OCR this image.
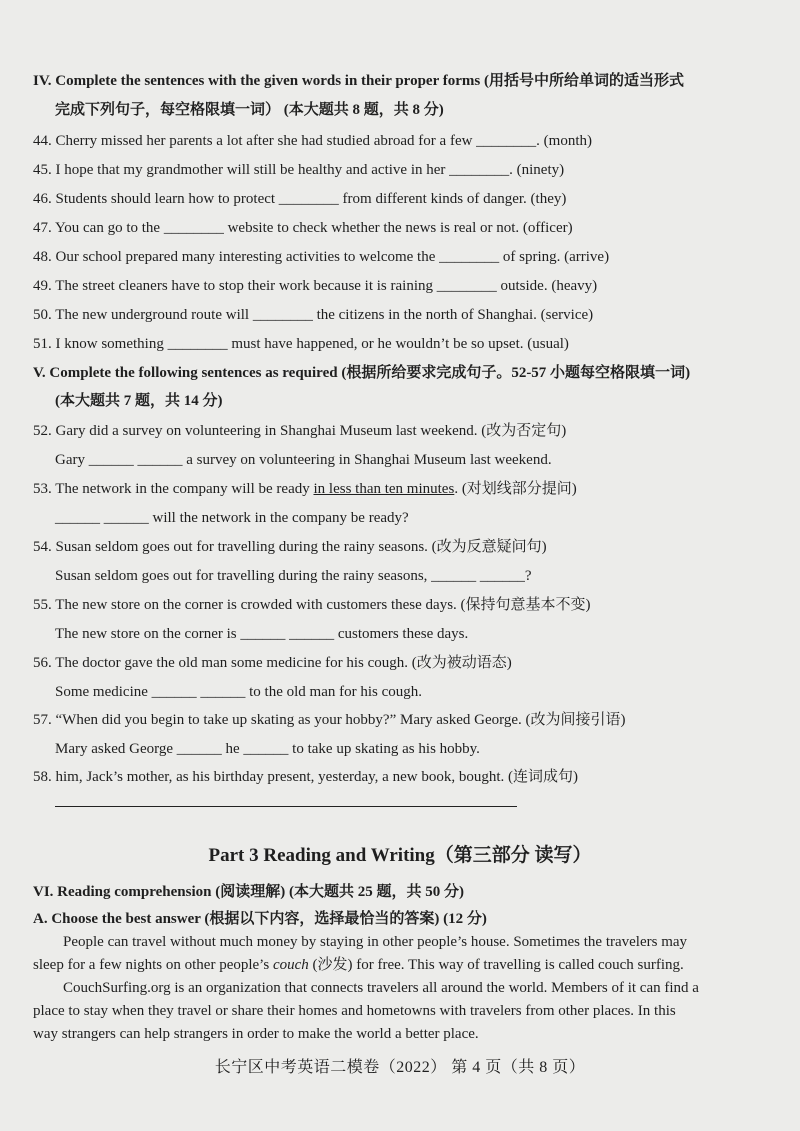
IV. Complete the sentences with the given words in their proper forms (用括号中所给单词的适当形式
完成下列句子，每空格限填一词） (本大题共 8 题，共 8 分)
44. Cherry missed her parents a lot after she had studied abroad for a few ________. (month)
45. I hope that my grandmother will still be healthy and active in her ________. (ninety)
46. Students should learn how to protect ________ from different kinds of danger. (they)
47. You can go to the ________ website to check whether the news is real or not. (officer)
48. Our school prepared many interesting activities to welcome the ________ of spring. (arrive)
49. The street cleaners have to stop their work because it is raining ________ outside. (heavy)
50. The new underground route will ________ the citizens in the north of Shanghai. (service)
51. I know something ________ must have happened, or he wouldn’t be so upset. (usual)
V. Complete the following sentences as required (根据所给要求完成句子。52-57 小题每空格限填一词)
(本大题共 7 题，共 14 分)
52. Gary did a survey on volunteering in Shanghai Museum last weekend. (改为否定句)
Gary ______ ______ a survey on volunteering in Shanghai Museum last weekend.
53. The network in the company will be ready in less than ten minutes. (对划线部分提问)
______ ______ will the network in the company be ready?
54. Susan seldom goes out for travelling during the rainy seasons. (改为反意疑问句)
Susan seldom goes out for travelling during the rainy seasons, ______ ______?
55. The new store on the corner is crowded with customers these days. (保持句意基本不变)
The new store on the corner is ______ ______ customers these days.
56. The doctor gave the old man some medicine for his cough. (改为被动语态)
Some medicine ______ ______ to the old man for his cough.
57. “When did you begin to take up skating as your hobby?” Mary asked George. (改为间接引语)
Mary asked George ______ he ______ to take up skating as his hobby.
58. him, Jack’s mother, as his birthday present, yesterday, a new book, bought. (连词成句)
Part 3 Reading and Writing（第三部分 读写）
VI. Reading comprehension (阅读理解) (本大题共 25 题，共 50 分)
A. Choose the best answer (根据以下内容，选择最恰当的答案) (12 分)
People can travel without much money by staying in other people’s house. Sometimes the travelers may
sleep for a few nights on other people’s couch (沙发) for free. This way of travelling is called couch surfing.
CouchSurfing.org is an organization that connects travelers all around the world. Members of it can find a
place to stay when they travel or share their homes and hometowns with travelers from other places. In this
way strangers can help strangers in order to make the world a better place.
长宁区中考英语二模卷（2022） 第 4 页（共 8 页）
